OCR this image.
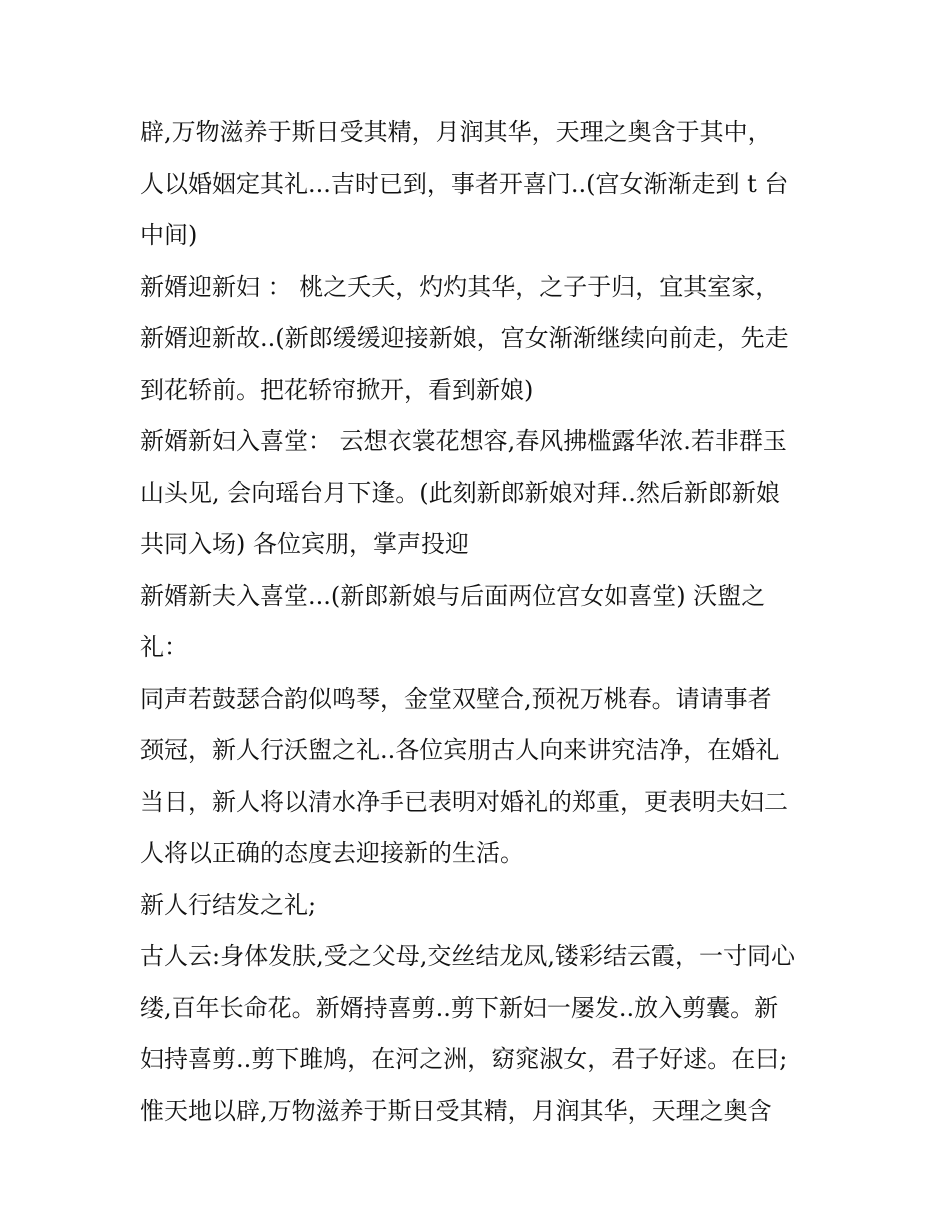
辟,万物滋养于斯日受其精，月润其华，天理之奥含于其中，
人以婚姻定其礼...吉时已到，事者开喜门..(宫女渐渐走到 t 台
中间)
新婿迎新妇 ： 桃之夭夭，灼灼其华，之子于归，宜其室家，
新婿迎新故..(新郎缓缓迎接新娘，宫女渐渐继续向前走，先走
到花轿前。把花轿帘掀开，看到新娘)
新婿新妇入喜堂： 云想衣裳花想容,春风拂槛露华浓.若非群玉
山头见, 会向瑶台月下逢。(此刻新郎新娘对拜..然后新郎新娘
共同入场) 各位宾朋，掌声投迎
新婿新夫入喜堂...(新郎新娘与后面两位宫女如喜堂) 沃盥之
礼：
同声若鼓瑟合韵似鸣琴，金堂双壁合,预祝万桃春。请请事者
颈冠，新人行沃盥之礼..各位宾朋古人向来讲究洁净，在婚礼
当日，新人将以清水净手已表明对婚礼的郑重，更表明夫妇二
人将以正确的态度去迎接新的生活。
新人行结发之礼;
古人云:身体发肤,受之父母,交丝结龙凤,镂彩结云霞，一寸同心
缕,百年长命花。新婿持喜剪..剪下新妇一屡发..放入剪囊。新
妇持喜剪..剪下雎鸠，在河之洲，窈窕淑女，君子好逑。在曰;
惟天地以辟,万物滋养于斯日受其精，月润其华，天理之奥含
